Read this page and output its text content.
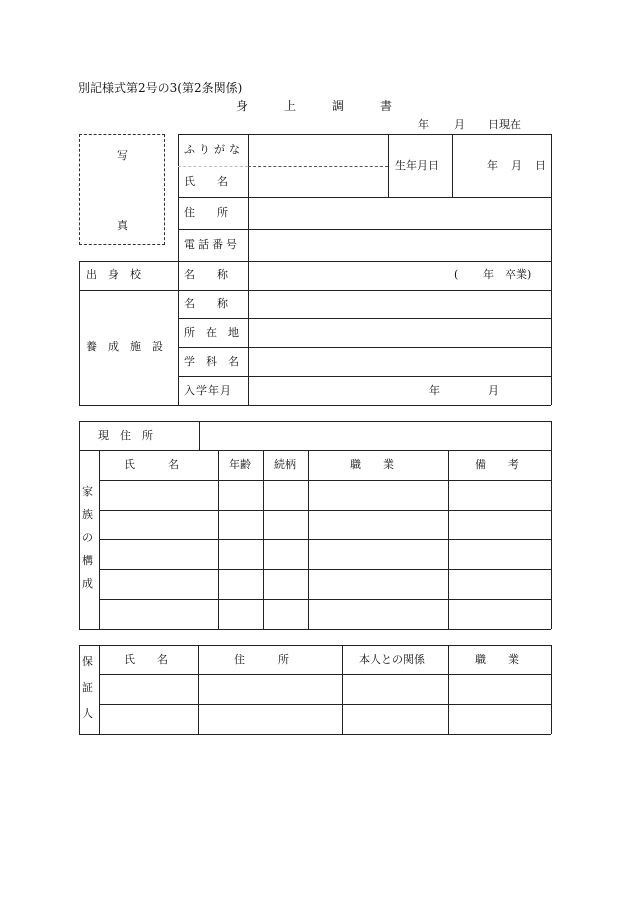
別記様式第2号の3(第2条関係)
身	上	調	書
年 月 日現在
写
真
ふりがな
氏　　名
生年月日	年 月 日
住　　所
電話番号
出　身　校	名　　称	( 年 卒業)
養　成　施　設
名　　称
所　在　地
学　科　名
入学年月	年	月
現　住　所
家
族
の
構
成
氏　　　名	年齢 続柄	職　　業	備　　考
保
証
人
氏　　名	住　　　所	本人との関係	職　　業
